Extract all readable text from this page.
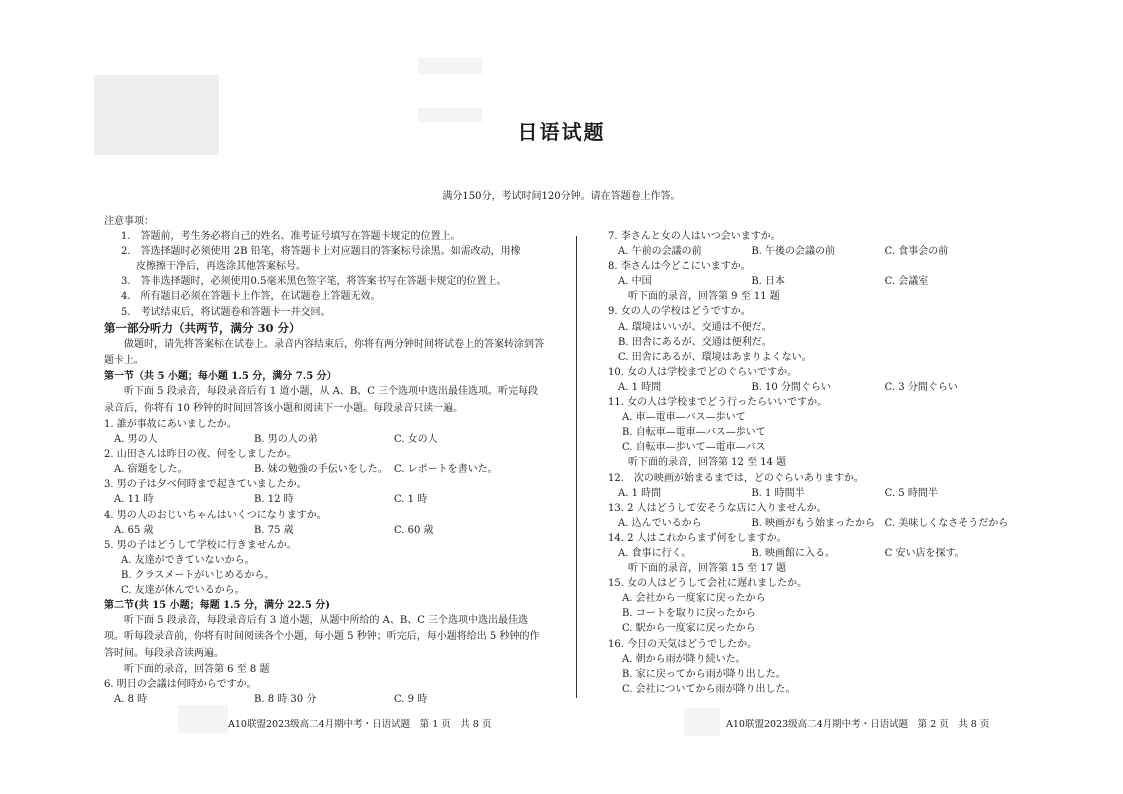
日语试题
满分150分，考试时间120分钟。请在答题卷上作答。
注意事项：
1.　答题前，考生务必将自己的姓名、准考证号填写在答题卡规定的位置上。
2.　答选择题时必须使用 2B 铅笔，将答题卡上对应题目的答案标号涂黑。如需改动，用橡
皮擦擦干净后，再选涂其他答案标号。
3.　答非选择题时，必须使用0.5毫米黑色签字笔，将答案书写在答题卡规定的位置上。
4.　所有题目必须在答题卡上作答，在试题卷上答题无效。
5.　考试结束后，将试题卷和答题卡一并交回。
第一部分听力（共两节，满分 30 分）
做题时，请先将答案标在试卷上。录音内容结束后，你将有两分钟时间将试卷上的答案转涂到答题卡上。
第一节（共 5 小题；每小题 1.5 分，满分 7.5 分）
听下面 5 段录音，每段录音后有 1 道小题，从 A、B、C 三个选项中选出最佳选项。听完每段录音后，你将有 10 秒钟的时间回答该小题和阅读下一小题。每段录音只读一遍。
1. 誰が事故にあいましたか。
A. 男の人	B. 男の人の弟	C. 女の人
2. 山田さんは昨日の夜、何をしましたか。
A. 宿題をした。	B. 妹の勉強の手伝いをした。 C. レポートを書いた。
3. 男の子は夕べ何時まで起きていましたか。
A. 11 時	B. 12 時	C. 1 時
4. 男の人のおじいちゃんはいくつになりますか。
A. 65 歳	B. 75 歳	C. 60 歳
5. 男の子はどうして学校に行きませんか。
A. 友達ができていないから。
B. クラスメートがいじめるから。
C. 友達が休んでいるから。
第二节(共 15 小题；每题 1.5 分，满分 22.5 分)
听下面 5 段录音，每段录音后有 3 道小题，从题中所给的 A、B、C 三个选项中选出最佳选项。听每段录音前，你将有时间阅读各个小题，每小题 5 秒钟；听完后，每小题将给出 5 秒钟的作答时间。每段录音读两遍。
听下面的录音，回答第 6 至 8 题
6. 明日の会議は何時からですか。
A. 8 時	B. 8 時 30 分	C. 9 時
7. 李さんと女の人はいつ会いますか。
A. 午前の会議の前	B. 午後の会議の前	C. 食事会の前
8. 李さんは今どこにいますか。
A. 中国	B. 日本	C. 会議室
听下面的录音，回答第 9 至 11 题
9. 女の人の学校はどうですか。
A. 環境はいいが、交通は不便だ。
B. 田舎にあるが、交通は便利だ。
C. 田舎にあるが、環境はあまりよくない。
10. 女の人は学校までどのぐらいですか。
A. 1 時間	B. 10 分間ぐらい	C. 3 分間ぐらい
11. 女の人は学校までどう行ったらいいですか。
A. 車—電車—バス—歩いて
B. 自転車—電車—バス—歩いて
C. 自転車—歩いて—電車—バス
听下面的录音，回答第 12 至 14 题
12.　次の映画が始まるまでは，どのぐらいありますか。
A. 1 時間	B. 1 時間半	C. 5 時間半
13. 2 人はどうして安そうな店に入りませんか。
A. 込んでいるから	B. 映画がもう始まったから C. 美味しくなさそうだから
14. 2 人はこれからまず何をしますか。
A. 食事に行く。	B. 映画館に入る。	C 安い店を探す。
听下面的录音，回答第 15 至 17 题
15. 女の人はどうして会社に遅れましたか。
A. 会社から一度家に戻ったから
B. コートを取りに戻ったから
C. 駅から一度家に戻ったから
16. 今日の天気はどうでしたか。
A. 朝から雨が降り続いた。
B. 家に戻ってから雨が降り出した。
C. 会社についてから雨が降り出した。
A10联盟2023级高二4月期中考・日语试题　第 1 页　共 8 页	A10联盟2023级高二4月期中考・日语试题　第 2 页　共 8 页
